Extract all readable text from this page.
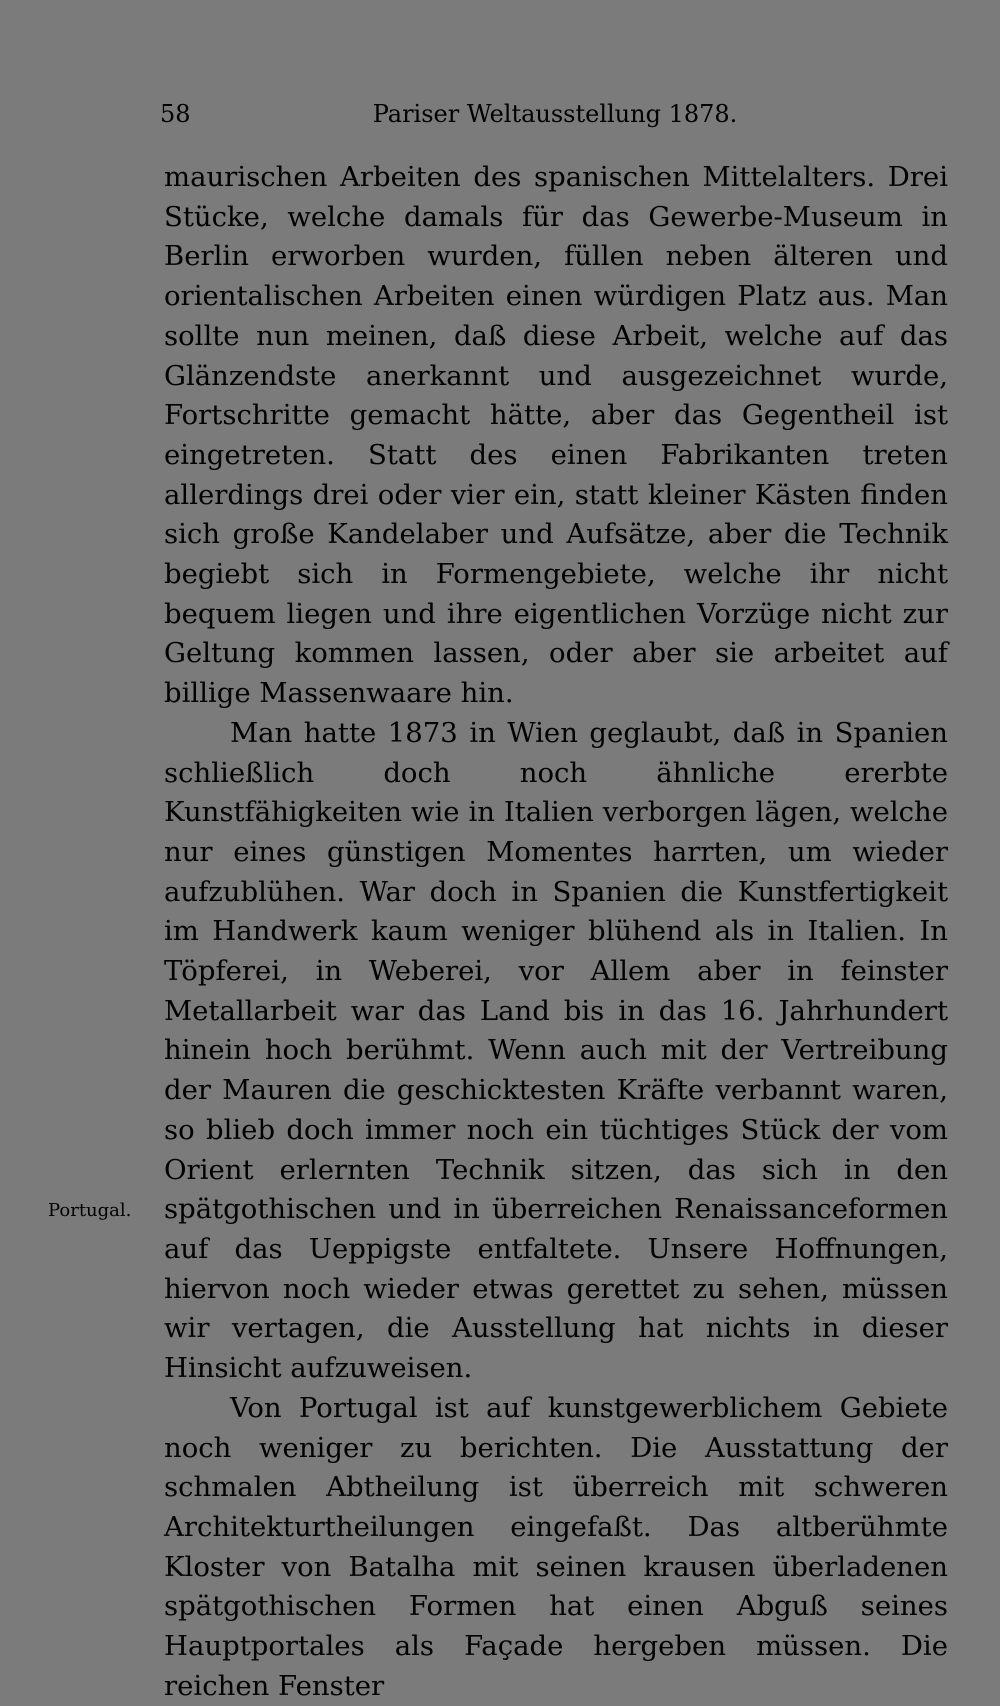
58	Pariser Weltausstellung 1878.

maurischen Arbeiten des spanischen Mittelalters. Drei Stücke, welche damals für das Gewerbe-Museum in Berlin erworben wurden, füllen neben älteren und orientalischen Arbeiten einen würdigen Platz aus. Man sollte nun meinen, daß diese Arbeit, welche auf das Glänzendste anerkannt und ausgezeichnet wurde, Fortschritte gemacht hätte, aber das Gegentheil ist eingetreten. Statt des einen Fabrikanten treten allerdings drei oder vier ein, statt kleiner Kästen finden sich große Kandelaber und Aufsätze, aber die Technik begiebt sich in Formengebiete, welche ihr nicht bequem liegen und ihre eigentlichen Vorzüge nicht zur Geltung kommen lassen, oder aber sie arbeitet auf billige Massenwaare hin.

Man hatte 1873 in Wien geglaubt, daß in Spanien schließlich doch noch ähnliche ererbte Kunstfähigkeiten wie in Italien verborgen lägen, welche nur eines günstigen Momentes harrten, um wieder aufzublühen. War doch in Spanien die Kunstfertigkeit im Handwerk kaum weniger blühend als in Italien. In Töpferei, in Weberei, vor Allem aber in feinster Metallarbeit war das Land bis in das 16. Jahrhundert hinein hoch berühmt. Wenn auch mit der Vertreibung der Mauren die geschicktesten Kräfte verbannt waren, so blieb doch immer noch ein tüchtiges Stück der vom Orient erlernten Technik sitzen, das sich in den spätgothischen und in überreichen Renaissanceformen auf das Ueppigste entfaltete. Unsere Hoffnungen, hiervon noch wieder etwas gerettet zu sehen, müssen wir vertagen, die Ausstellung hat nichts in dieser Hinsicht aufzuweisen.

Von Portugal ist auf kunstgewerblichem Gebiete noch weniger zu berichten. Die Ausstattung der schmalen Abtheilung ist überreich mit schweren Architekturtheilungen eingefaßt. Das altberühmte Kloster von Batalha mit seinen krausen überladenen spätgothischen Formen hat einen Abguß seines Hauptportales als Façade hergeben müssen. Die reichen Fenster

Portugal.
